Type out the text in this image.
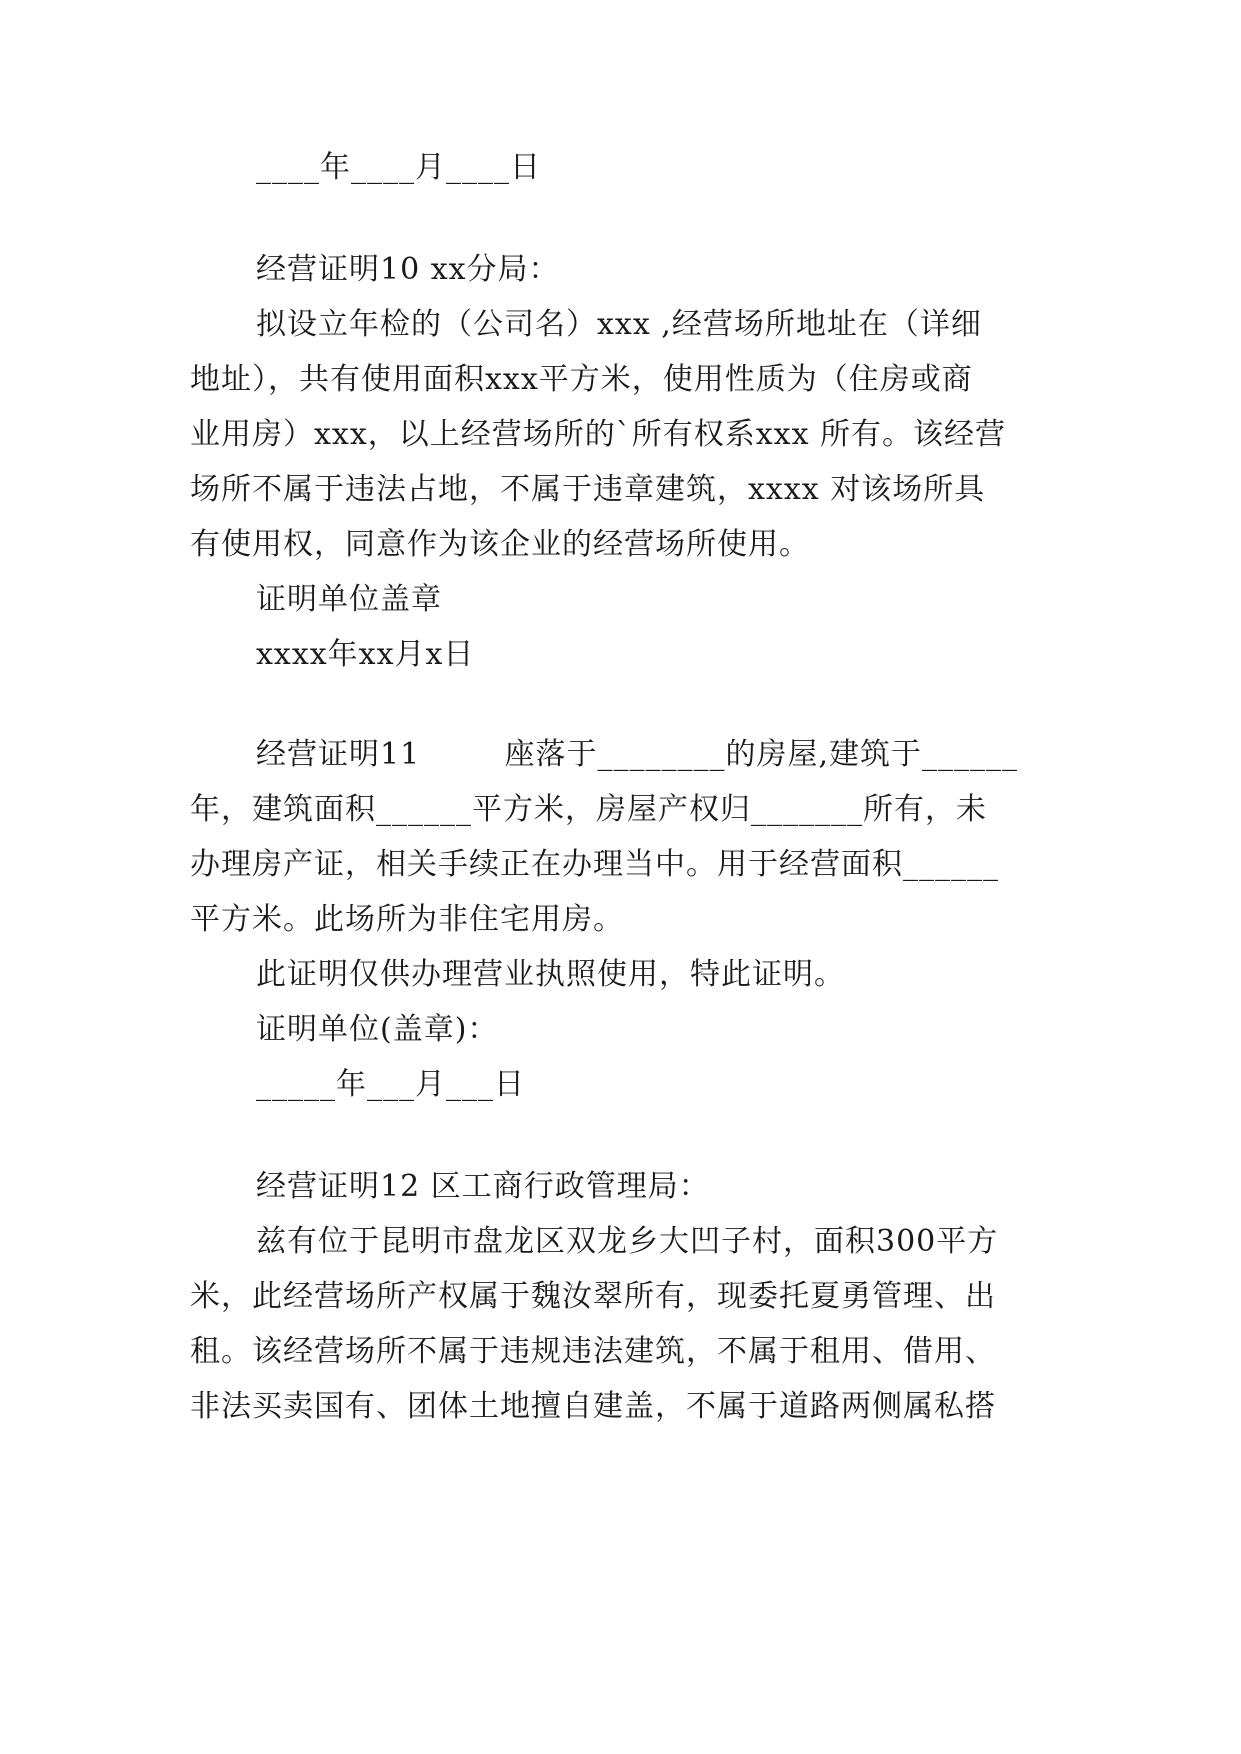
____年____月____日
经营证明10 xx分局：
拟设立年检的（公司名）xxx ,经营场所地址在（详细
地址），共有使用面积xxx平方米，使用性质为（住房或商
业用房）xxx，以上经营场所的`所有权系xxx 所有。该经营
场所不属于违法占地，不属于违章建筑，xxxx 对该场所具
有使用权，同意作为该企业的经营场所使用。
证明单位盖章
xxxx年xx月x日
经营证明11        座落于________的房屋,建筑于______
年，建筑面积______平方米，房屋产权归_______所有，未
办理房产证，相关手续正在办理当中。用于经营面积______
平方米。此场所为非住宅用房。
此证明仅供办理营业执照使用，特此证明。
证明单位(盖章)：
_____年___月___日
经营证明12 区工商行政管理局：
兹有位于昆明市盘龙区双龙乡大凹子村，面积300平方
米，此经营场所产权属于魏汝翠所有，现委托夏勇管理、出
租。该经营场所不属于违规违法建筑，不属于租用、借用、
非法买卖国有、团体土地擅自建盖，不属于道路两侧属私搭
